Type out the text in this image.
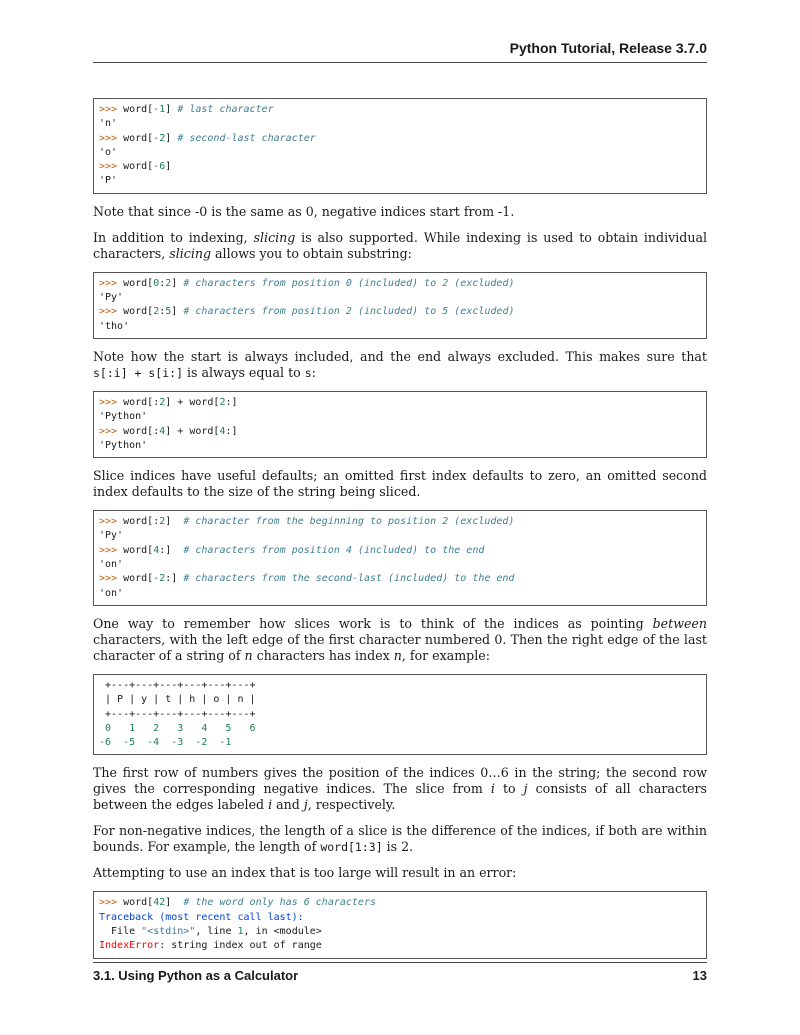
Python Tutorial, Release 3.7.0
>>> word[-1] # last character
'n'
>>> word[-2] # second-last character
'o'
>>> word[-6]
'P'

Note that since -0 is the same as 0, negative indices start from -1.

In addition to indexing, slicing is also supported. While indexing is used to obtain individual characters, slicing allows you to obtain substring:

>>> word[0:2] # characters from position 0 (included) to 2 (excluded)
'Py'
>>> word[2:5] # characters from position 2 (included) to 5 (excluded)
'tho'

Note how the start is always included, and the end always excluded. This makes sure that s[:i] + s[i:] is always equal to s:

>>> word[:2] + word[2:]
'Python'
>>> word[:4] + word[4:]
'Python'

Slice indices have useful defaults; an omitted first index defaults to zero, an omitted second index defaults to the size of the string being sliced.

>>> word[:2]  # character from the beginning to position 2 (excluded)
'Py'
>>> word[4:]  # characters from position 4 (included) to the end
'on'
>>> word[-2:] # characters from the second-last (included) to the end
'on'

One way to remember how slices work is to think of the indices as pointing between characters, with the left edge of the first character numbered 0. Then the right edge of the last character of a string of n characters has index n, for example:

+---+---+---+---+---+---+
| P | y | t | h | o | n |
+---+---+---+---+---+---+
0   1   2   3   4   5   6
-6  -5  -4  -3  -2  -1

The first row of numbers gives the position of the indices 0…6 in the string; the second row gives the corresponding negative indices. The slice from i to j consists of all characters between the edges labeled i and j, respectively.

For non-negative indices, the length of a slice is the difference of the indices, if both are within bounds. For example, the length of word[1:3] is 2.

Attempting to use an index that is too large will result in an error:

>>> word[42]  # the word only has 6 characters
Traceback (most recent call last):
File "<stdin>", line 1, in <module>
IndexError: string index out of range
3.1. Using Python as a Calculator	13
